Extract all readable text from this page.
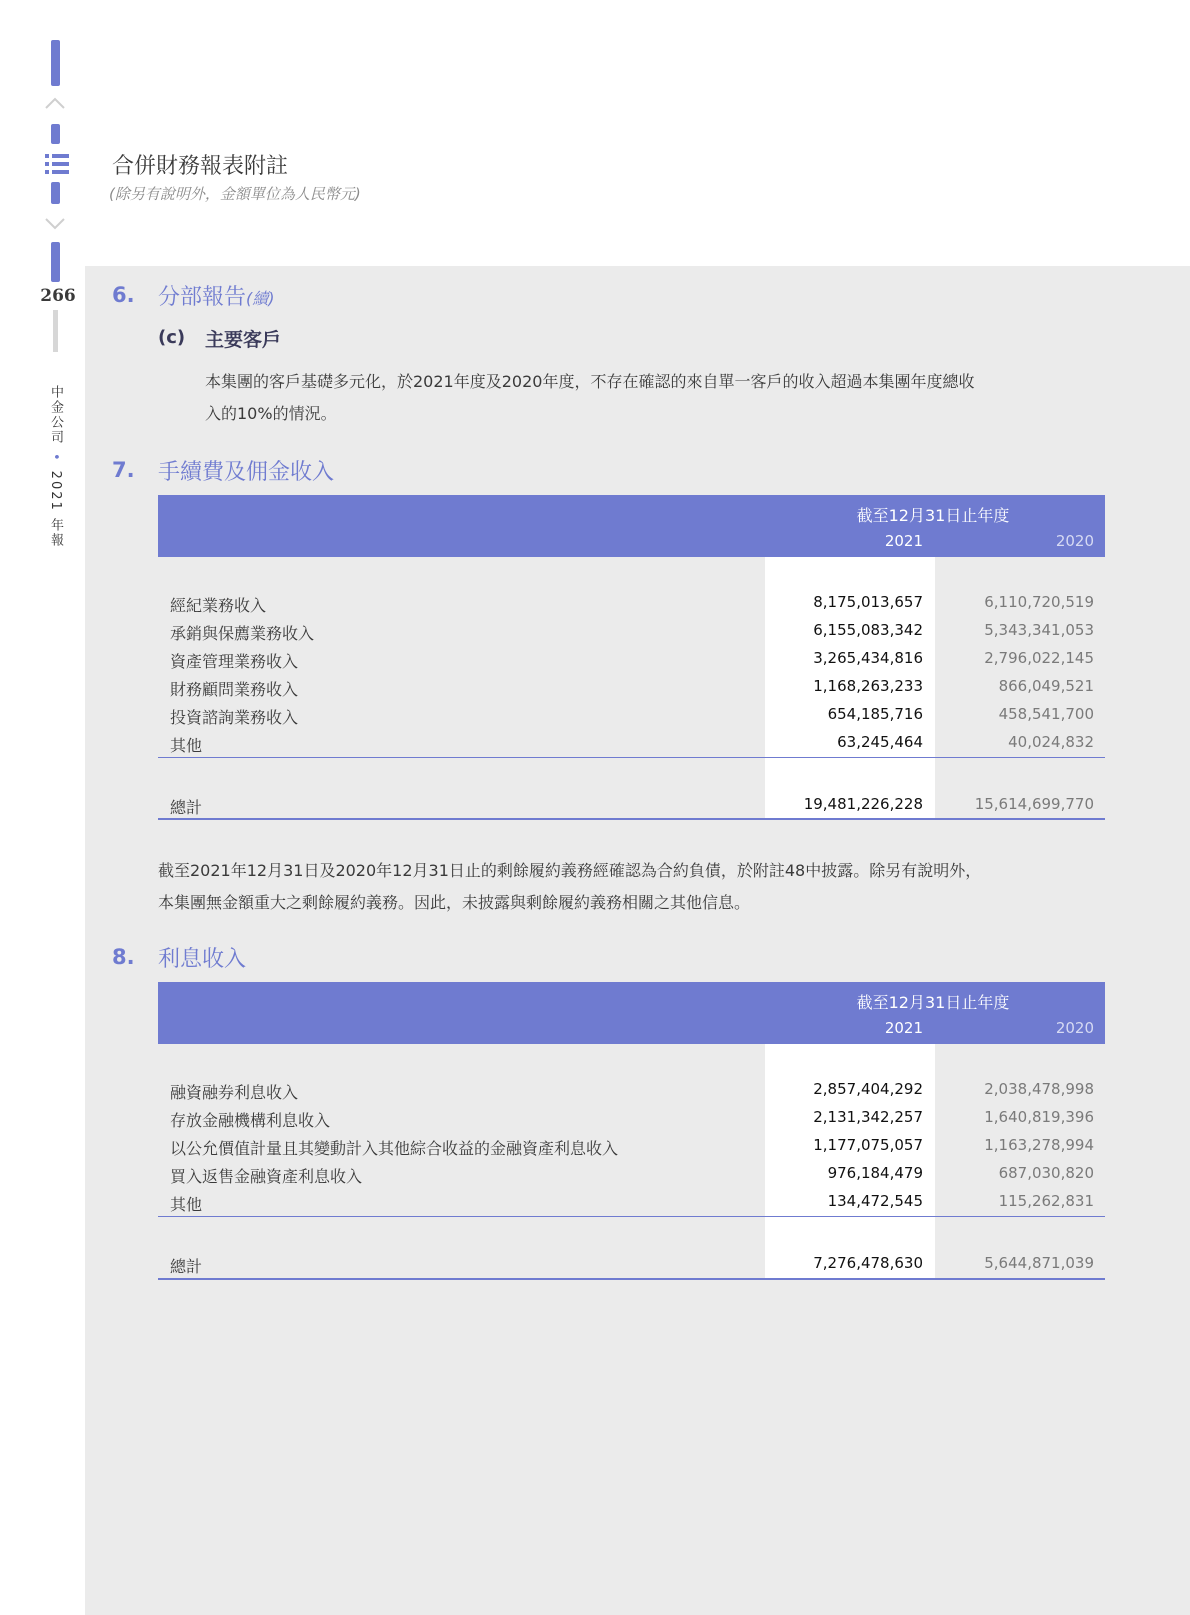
266
中金公司•2021 年報
合併財務報表附註
(除另有說明外，金額單位為人民幣元)
6. 分部報告(續)
(c) 主要客戶
本集團的客戶基礎多元化，於2021年度及2020年度，不存在確認的來自單一客戶的收入超過本集團年度總收
入的10%的情況。
7. 手續費及佣金收入
截至12月31日止年度
2021	2020
經紀業務收入	8,175,013,657	6,110,720,519
承銷與保薦業務收入	6,155,083,342	5,343,341,053
資產管理業務收入	3,265,434,816	2,796,022,145
財務顧問業務收入	1,168,263,233	866,049,521
投資諮詢業務收入	654,185,716	458,541,700
其他	63,245,464	40,024,832
總計	19,481,226,228	15,614,699,770
截至2021年12月31日及2020年12月31日止的剩餘履約義務經確認為合約負債，於附註48中披露。除另有說明外，
本集團無金額重大之剩餘履約義務。因此，未披露與剩餘履約義務相關之其他信息。
8. 利息收入
截至12月31日止年度
2021	2020
融資融券利息收入	2,857,404,292	2,038,478,998
存放金融機構利息收入	2,131,342,257	1,640,819,396
以公允價值計量且其變動計入其他綜合收益的金融資產利息收入	1,177,075,057	1,163,278,994
買入返售金融資產利息收入	976,184,479	687,030,820
其他	134,472,545	115,262,831
總計	7,276,478,630	5,644,871,039
